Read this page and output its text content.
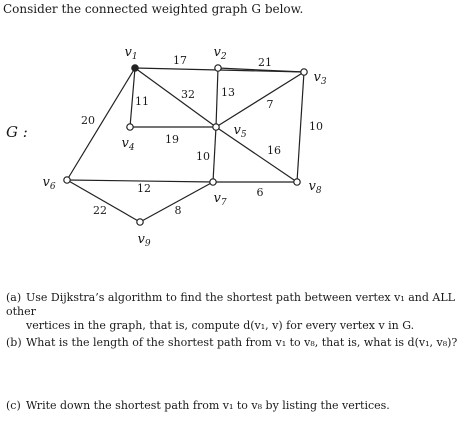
Consider the connected weighted graph G below.
17	21
11
32 13
7
10
20
19
10	16
12	6
22	8
$v_1$	$v_2$
$v_3$
$v_4$
$v_5$
$v_6$
$v_7$
$v_8$
$v_9$
G :
(a) Use Dijkstra’s algorithm to find the shortest path between vertex v₁ and ALL other
vertices in the graph, that is, compute d(v₁, v) for every vertex v in G.
(b) What is the length of the shortest path from v₁ to v₈, that is, what is d(v₁, v₈)?
(c) Write down the shortest path from v₁ to v₈ by listing the vertices.
